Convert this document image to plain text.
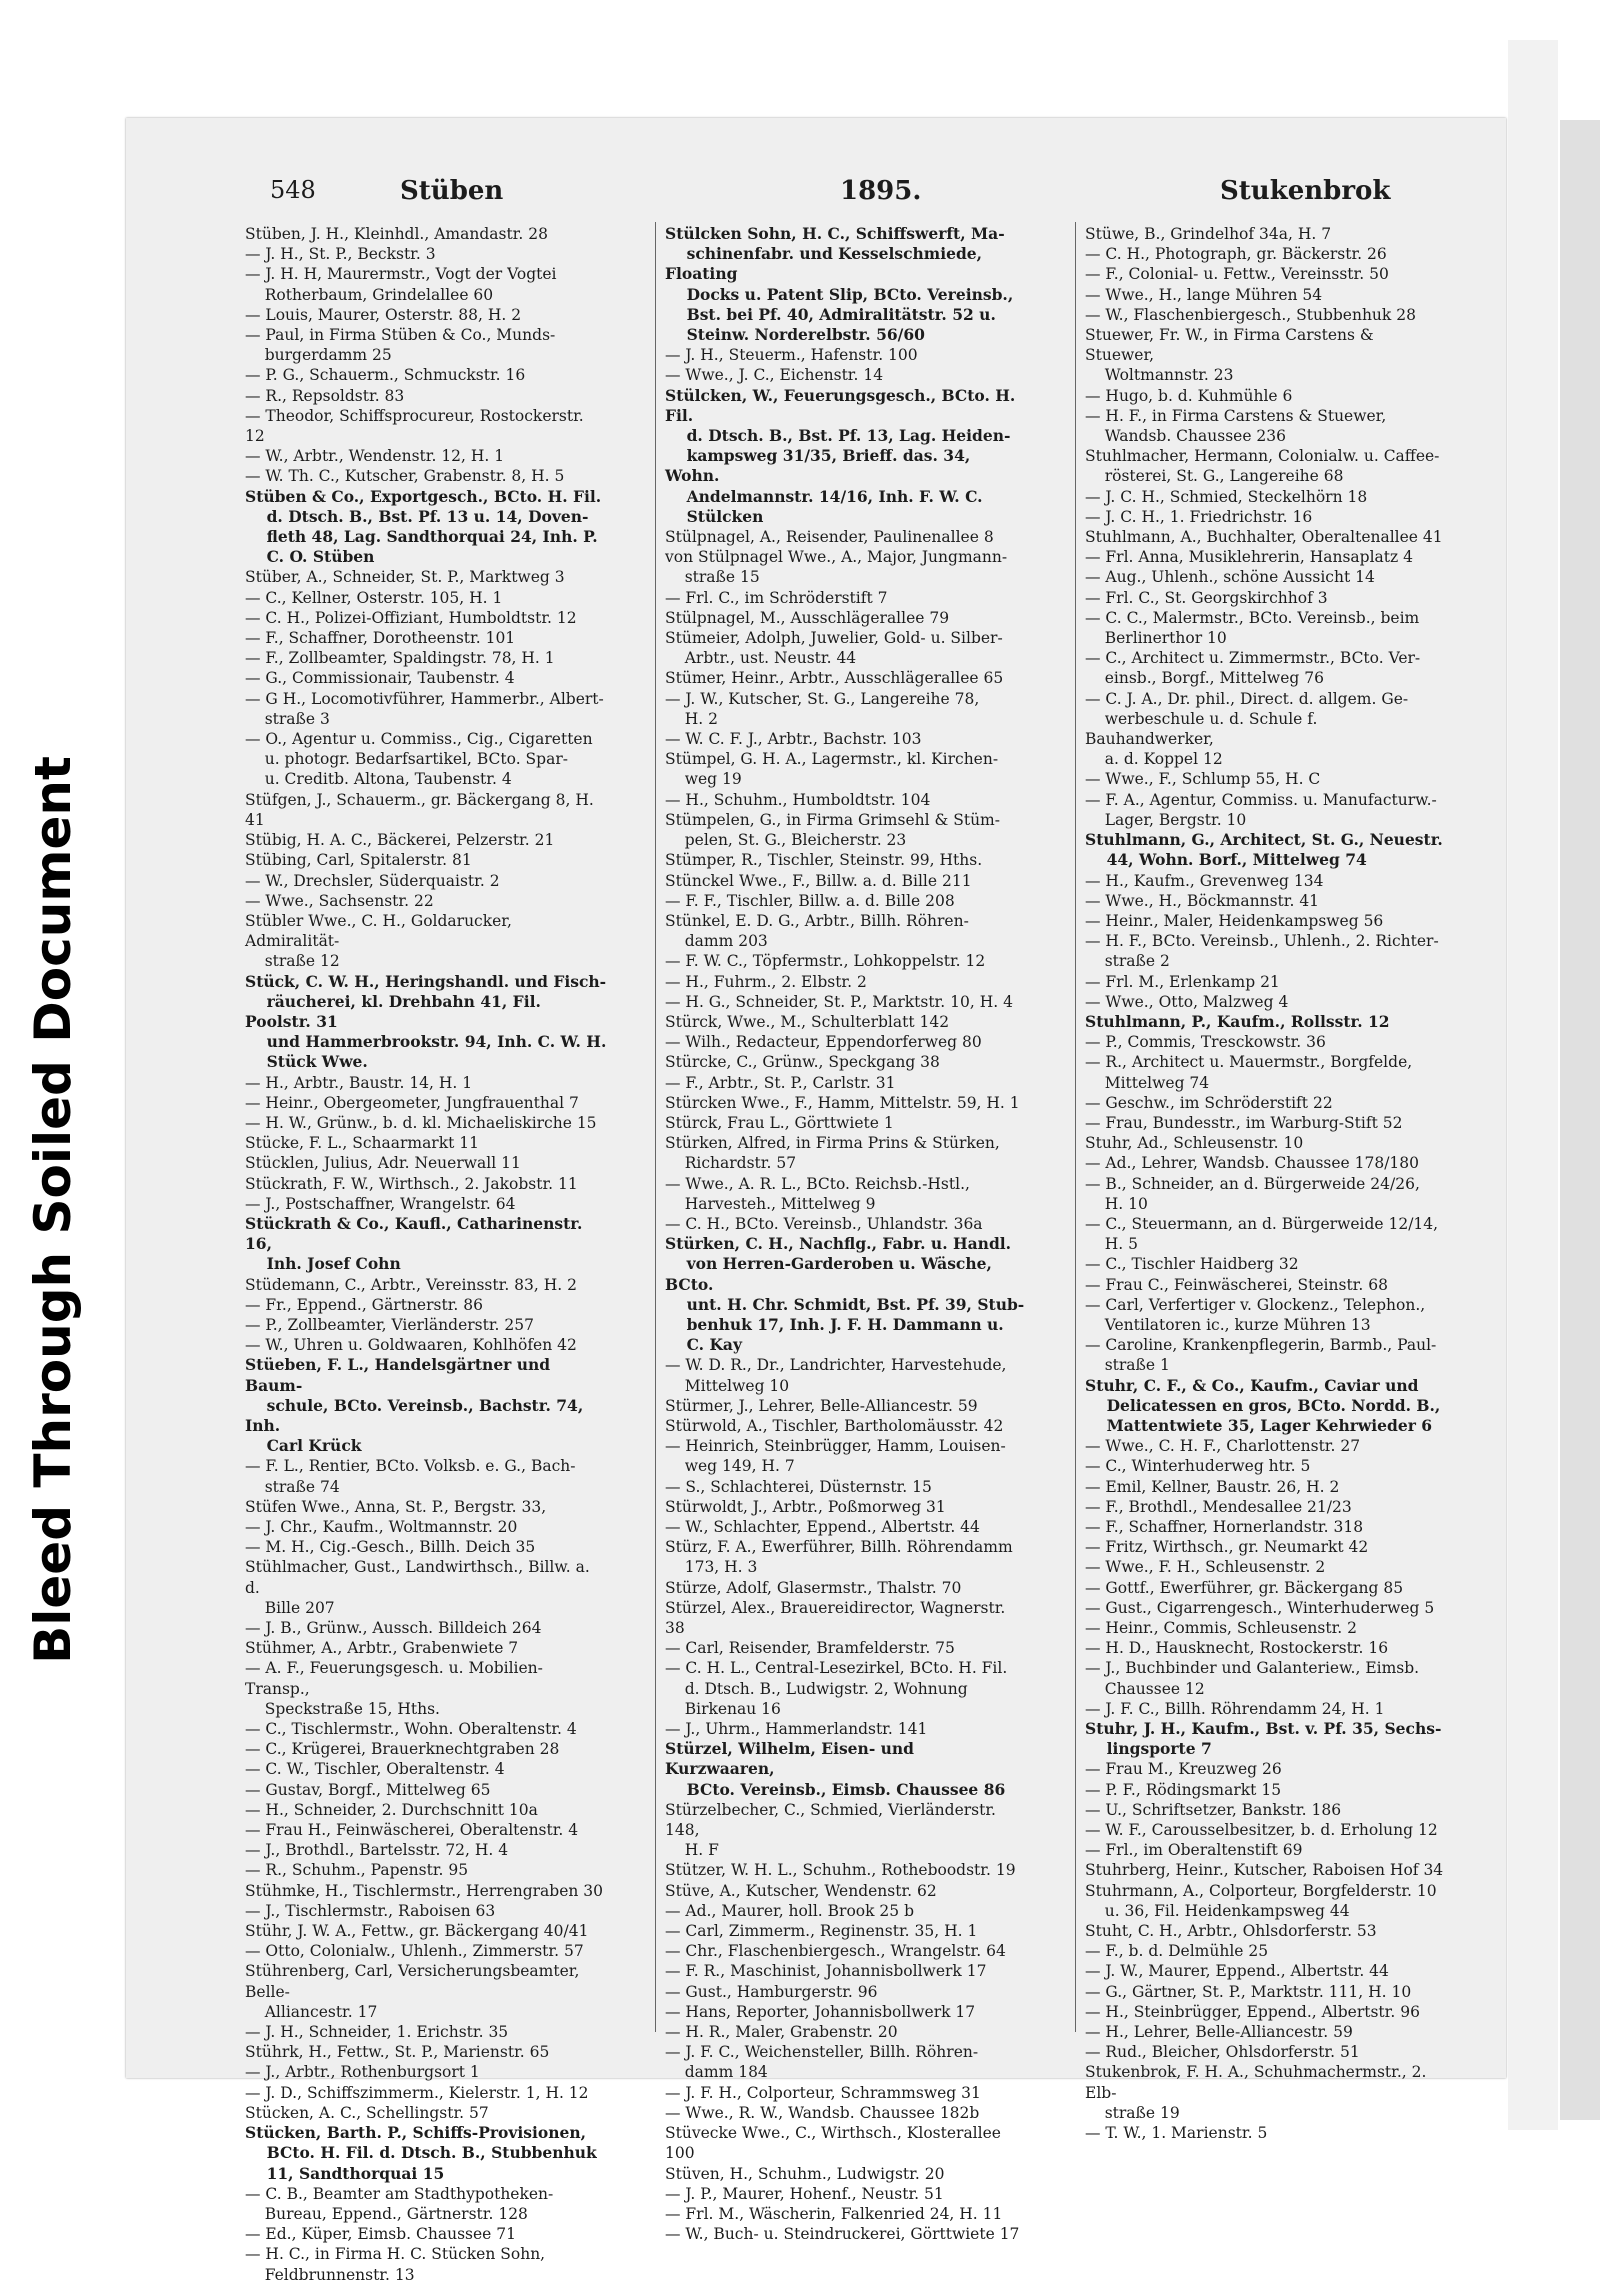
Bleed Through Soiled Document
548	Stüben	1895.	Stukenbrok
Stüben, J. H., Kleinhdl., Amandastr. 28
— J. H., St. P., Beckstr. 3
— J. H. H, Maurermstr., Vogt der Vogtei
Rotherbaum, Grindelallee 60
— Louis, Maurer, Osterstr. 88, H. 2
— Paul, in Firma Stüben & Co., Munds-
burgerdamm 25
— P. G., Schauerm., Schmuckstr. 16
— R., Repsoldstr. 83
— Theodor, Schiffsprocureur, Rostockerstr. 12
— W., Arbtr., Wendenstr. 12, H. 1
— W. Th. C., Kutscher, Grabenstr. 8, H. 5
Stüben & Co., Exportgesch., BCto. H. Fil.
d. Dtsch. B., Bst. Pf. 13 u. 14, Doven-
fleth 48, Lag. Sandthorquai 24, Inh. P.
C. O. Stüben
Stüber, A., Schneider, St. P., Marktweg 3
— C., Kellner, Osterstr. 105, H. 1
— C. H., Polizei-Offiziant, Humboldtstr. 12
— F., Schaffner, Dorotheenstr. 101
— F., Zollbeamter, Spaldingstr. 78, H. 1
— G., Commissionair, Taubenstr. 4
— G H., Locomotivführer, Hammerbr., Albert-
straße 3
— O., Agentur u. Commiss., Cig., Cigaretten
u. photogr. Bedarfsartikel, BCto. Spar-
u. Creditb. Altona, Taubenstr. 4
Stüfgen, J., Schauerm., gr. Bäckergang 8, H. 41
Stübig, H. A. C., Bäckerei, Pelzerstr. 21
Stübing, Carl, Spitalerstr. 81
— W., Drechsler, Süderquaistr. 2
— Wwe., Sachsenstr. 22
Stübler Wwe., C. H., Goldarucker, Admiralität-
straße 12
Stück, C. W. H., Heringshandl. und Fisch-
räucherei, kl. Drehbahn 41, Fil. Poolstr. 31
und Hammerbrookstr. 94, Inh. C. W. H.
Stück Wwe.
— H., Arbtr., Baustr. 14, H. 1
— Heinr., Obergeometer, Jungfrauenthal 7
— H. W., Grünw., b. d. kl. Michaeliskirche 15
Stücke, F. L., Schaarmarkt 11
Stücklen, Julius, Adr. Neuerwall 11
Stückrath, F. W., Wirthsch., 2. Jakobstr. 11
— J., Postschaffner, Wrangelstr. 64
Stückrath & Co., Kaufl., Catharinenstr. 16,
Inh. Josef Cohn
Stüdemann, C., Arbtr., Vereinsstr. 83, H. 2
— Fr., Eppend., Gärtnerstr. 86
— P., Zollbeamter, Vierländerstr. 257
— W., Uhren u. Goldwaaren, Kohlhöfen 42
Stüeben, F. L., Handelsgärtner und Baum-
schule, BCto. Vereinsb., Bachstr. 74, Inh.
Carl Krück
— F. L., Rentier, BCto. Volksb. e. G., Bach-
straße 74
Stüfen Wwe., Anna, St. P., Bergstr. 33,
— J. Chr., Kaufm., Woltmannstr. 20
— M. H., Cig.-Gesch., Billh. Deich 35
Stühlmacher, Gust., Landwirthsch., Billw. a. d.
Bille 207
— J. B., Grünw., Aussch. Billdeich 264
Stühmer, A., Arbtr., Grabenwiete 7
— A. F., Feuerungsgesch. u. Mobilien-Transp.,
Speckstraße 15, Hths.
— C., Tischlermstr., Wohn. Oberaltenstr. 4
— C., Krügerei, Brauerknechtgraben 28
— C. W., Tischler, Oberaltenstr. 4
— Gustav, Borgf., Mittelweg 65
— H., Schneider, 2. Durchschnitt 10a
— Frau H., Feinwäscherei, Oberaltenstr. 4
— J., Brothdl., Bartelsstr. 72, H. 4
— R., Schuhm., Papenstr. 95
Stühmke, H., Tischlermstr., Herrengraben 30
— J., Tischlermstr., Raboisen 63
Stühr, J. W. A., Fettw., gr. Bäckergang 40/41
— Otto, Colonialw., Uhlenh., Zimmerstr. 57
Stührenberg, Carl, Versicherungsbeamter, Belle-
Alliancestr. 17
— J. H., Schneider, 1. Erichstr. 35
Stührk, H., Fettw., St. P., Marienstr. 65
— J., Arbtr., Rothenburgsort 1
— J. D., Schiffszimmerm., Kielerstr. 1, H. 12
Stücken, A. C., Schellingstr. 57
Stücken, Barth. P., Schiffs-Provisionen,
BCto. H. Fil. d. Dtsch. B., Stubbenhuk
11, Sandthorquai 15
— C. B., Beamter am Stadthypotheken-
Bureau, Eppend., Gärtnerstr. 128
— Ed., Küper, Eimsb. Chaussee 71
— H. C., in Firma H. C. Stücken Sohn,
Feldbrunnenstr. 13
Stülcken Sohn, H. C., Schiffswerft, Ma-
schinenfabr. und Kesselschmiede, Floating
Docks u. Patent Slip, BCto. Vereinsb.,
Bst. bei Pf. 40, Admiralitätstr. 52 u.
Steinw. Norderelbstr. 56/60
— J. H., Steuerm., Hafenstr. 100
— Wwe., J. C., Eichenstr. 14
Stülcken, W., Feuerungsgesch., BCto. H. Fil.
d. Dtsch. B., Bst. Pf. 13, Lag. Heiden-
kampsweg 31/35, Brieff. das. 34, Wohn.
Andelmannstr. 14/16, Inh. F. W. C.
Stülcken
Stülpnagel, A., Reisender, Paulinenallee 8
von Stülpnagel Wwe., A., Major, Jungmann-
straße 15
— Frl. C., im Schröderstift 7
Stülpnagel, M., Ausschlägerallee 79
Stümeier, Adolph, Juwelier, Gold- u. Silber-
Arbtr., ust. Neustr. 44
Stümer, Heinr., Arbtr., Ausschlägerallee 65
— J. W., Kutscher, St. G., Langereihe 78,
H. 2
— W. C. F. J., Arbtr., Bachstr. 103
Stümpel, G. H. A., Lagermstr., kl. Kirchen-
weg 19
— H., Schuhm., Humboldtstr. 104
Stümpelen, G., in Firma Grimsehl & Stüm-
pelen, St. G., Bleicherstr. 23
Stümper, R., Tischler, Steinstr. 99, Hths.
Stünckel Wwe., F., Billw. a. d. Bille 211
— F. F., Tischler, Billw. a. d. Bille 208
Stünkel, E. D. G., Arbtr., Billh. Röhren-
damm 203
— F. W. C., Töpfermstr., Lohkoppelstr. 12
— H., Fuhrm., 2. Elbstr. 2
— H. G., Schneider, St. P., Marktstr. 10, H. 4
Stürck, Wwe., M., Schulterblatt 142
— Wilh., Redacteur, Eppendorferweg 80
Stürcke, C., Grünw., Speckgang 38
— F., Arbtr., St. P., Carlstr. 31
Stürcken Wwe., F., Hamm, Mittelstr. 59, H. 1
Stürck, Frau L., Görttwiete 1
Stürken, Alfred, in Firma Prins & Stürken,
Richardstr. 57
— Wwe., A. R. L., BCto. Reichsb.-Hstl.,
Harvesteh., Mittelweg 9
— C. H., BCto. Vereinsb., Uhlandstr. 36a
Stürken, C. H., Nachflg., Fabr. u. Handl.
von Herren-Garderoben u. Wäsche, BCto.
unt. H. Chr. Schmidt, Bst. Pf. 39, Stub-
benhuk 17, Inh. J. F. H. Dammann u.
C. Kay
— W. D. R., Dr., Landrichter, Harvestehude,
Mittelweg 10
Stürmer, J., Lehrer, Belle-Alliancestr. 59
Stürwold, A., Tischler, Bartholomäusstr. 42
— Heinrich, Steinbrügger, Hamm, Louisen-
weg 149, H. 7
— S., Schlachterei, Düsternstr. 15
Stürwoldt, J., Arbtr., Poßmorweg 31
— W., Schlachter, Eppend., Albertstr. 44
Stürz, F. A., Ewerführer, Billh. Röhrendamm
173, H. 3
Stürze, Adolf, Glasermstr., Thalstr. 70
Stürzel, Alex., Brauereidirector, Wagnerstr. 38
— Carl, Reisender, Bramfelderstr. 75
— C. H. L., Central-Lesezirkel, BCto. H. Fil.
d. Dtsch. B., Ludwigstr. 2, Wohnung
Birkenau 16
— J., Uhrm., Hammerlandstr. 141
Stürzel, Wilhelm, Eisen- und Kurzwaaren,
BCto. Vereinsb., Eimsb. Chaussee 86
Stürzelbecher, C., Schmied, Vierländerstr. 148,
H. F
Stützer, W. H. L., Schuhm., Rotheboodstr. 19
Stüve, A., Kutscher, Wendenstr. 62
— Ad., Maurer, holl. Brook 25 b
— Carl, Zimmerm., Reginenstr. 35, H. 1
— Chr., Flaschenbiergesch., Wrangelstr. 64
— F. R., Maschinist, Johannisbollwerk 17
— Gust., Hamburgerstr. 96
— Hans, Reporter, Johannisbollwerk 17
— H. R., Maler, Grabenstr. 20
— J. F. C., Weichensteller, Billh. Röhren-
damm 184
— J. F. H., Colporteur, Schrammsweg 31
— Wwe., R. W., Wandsb. Chaussee 182b
Stüvecke Wwe., C., Wirthsch., Klosterallee 100
Stüven, H., Schuhm., Ludwigstr. 20
— J. P., Maurer, Hohenf., Neustr. 51
— Frl. M., Wäscherin, Falkenried 24, H. 11
— W., Buch- u. Steindruckerei, Görttwiete 17
Stüwe, B., Grindelhof 34a, H. 7
— C. H., Photograph, gr. Bäckerstr. 26
— F., Colonial- u. Fettw., Vereinsstr. 50
— Wwe., H., lange Mühren 54
— W., Flaschenbiergesch., Stubbenhuk 28
Stuewer, Fr. W., in Firma Carstens & Stuewer,
Woltmannstr. 23
— Hugo, b. d. Kuhmühle 6
— H. F., in Firma Carstens & Stuewer,
Wandsb. Chaussee 236
Stuhlmacher, Hermann, Colonialw. u. Caffee-
rösterei, St. G., Langereihe 68
— J. C. H., Schmied, Steckelhörn 18
— J. C. H., 1. Friedrichstr. 16
Stuhlmann, A., Buchhalter, Oberaltenallee 41
— Frl. Anna, Musiklehrerin, Hansaplatz 4
— Aug., Uhlenh., schöne Aussicht 14
— Frl. C., St. Georgskirchhof 3
— C. C., Malermstr., BCto. Vereinsb., beim
Berlinerthor 10
— C., Architect u. Zimmermstr., BCto. Ver-
einsb., Borgf., Mittelweg 76
— C. J. A., Dr. phil., Direct. d. allgem. Ge-
werbeschule u. d. Schule f. Bauhandwerker,
a. d. Koppel 12
— Wwe., F., Schlump 55, H. C
— F. A., Agentur, Commiss. u. Manufacturw.-
Lager, Bergstr. 10
Stuhlmann, G., Architect, St. G., Neuestr.
44, Wohn. Borf., Mittelweg 74
— H., Kaufm., Grevenweg 134
— Wwe., H., Böckmannstr. 41
— Heinr., Maler, Heidenkampsweg 56
— H. F., BCto. Vereinsb., Uhlenh., 2. Richter-
straße 2
— Frl. M., Erlenkamp 21
— Wwe., Otto, Malzweg 4
Stuhlmann, P., Kaufm., Rollsstr. 12
— P., Commis, Tresckowstr. 36
— R., Architect u. Mauermstr., Borgfelde,
Mittelweg 74
— Geschw., im Schröderstift 22
— Frau, Bundesstr., im Warburg-Stift 52
Stuhr, Ad., Schleusenstr. 10
— Ad., Lehrer, Wandsb. Chaussee 178/180
— B., Schneider, an d. Bürgerweide 24/26,
H. 10
— C., Steuermann, an d. Bürgerweide 12/14,
H. 5
— C., Tischler Haidberg 32
— Frau C., Feinwäscherei, Steinstr. 68
— Carl, Verfertiger v. Glockenz., Telephon.,
Ventilatoren ic., kurze Mühren 13
— Caroline, Krankenpflegerin, Barmb., Paul-
straße 1
Stuhr, C. F., & Co., Kaufm., Caviar und
Delicatessen en gros, BCto. Nordd. B.,
Mattentwiete 35, Lager Kehrwieder 6
— Wwe., C. H. F., Charlottenstr. 27
— C., Winterhuderweg htr. 5
— Emil, Kellner, Baustr. 26, H. 2
— F., Brothdl., Mendesallee 21/23
— F., Schaffner, Hornerlandstr. 318
— Fritz, Wirthsch., gr. Neumarkt 42
— Wwe., F. H., Schleusenstr. 2
— Gottf., Ewerführer, gr. Bäckergang 85
— Gust., Cigarrengesch., Winterhuderweg 5
— Heinr., Commis, Schleusenstr. 2
— H. D., Hausknecht, Rostockerstr. 16
— J., Buchbinder und Galanteriew., Eimsb.
Chaussee 12
— J. F. C., Billh. Röhrendamm 24, H. 1
Stuhr, J. H., Kaufm., Bst. v. Pf. 35, Sechs-
lingsporte 7
— Frau M., Kreuzweg 26
— P. F., Rödingsmarkt 15
— U., Schriftsetzer, Bankstr. 186
— W. F., Carousselbesitzer, b. d. Erholung 12
— Frl., im Oberaltenstift 69
Stuhrberg, Heinr., Kutscher, Raboisen Hof 34
Stuhrmann, A., Colporteur, Borgfelderstr. 10
u. 36, Fil. Heidenkampsweg 44
Stuht, C. H., Arbtr., Ohlsdorferstr. 53
— F., b. d. Delmühle 25
— J. W., Maurer, Eppend., Albertstr. 44
— G., Gärtner, St. P., Marktstr. 111, H. 10
— H., Steinbrügger, Eppend., Albertstr. 96
— H., Lehrer, Belle-Alliancestr. 59
— Rud., Bleicher, Ohlsdorferstr. 51
Stukenbrok, F. H. A., Schuhmachermstr., 2. Elb-
straße 19
— T. W., 1. Marienstr. 5
